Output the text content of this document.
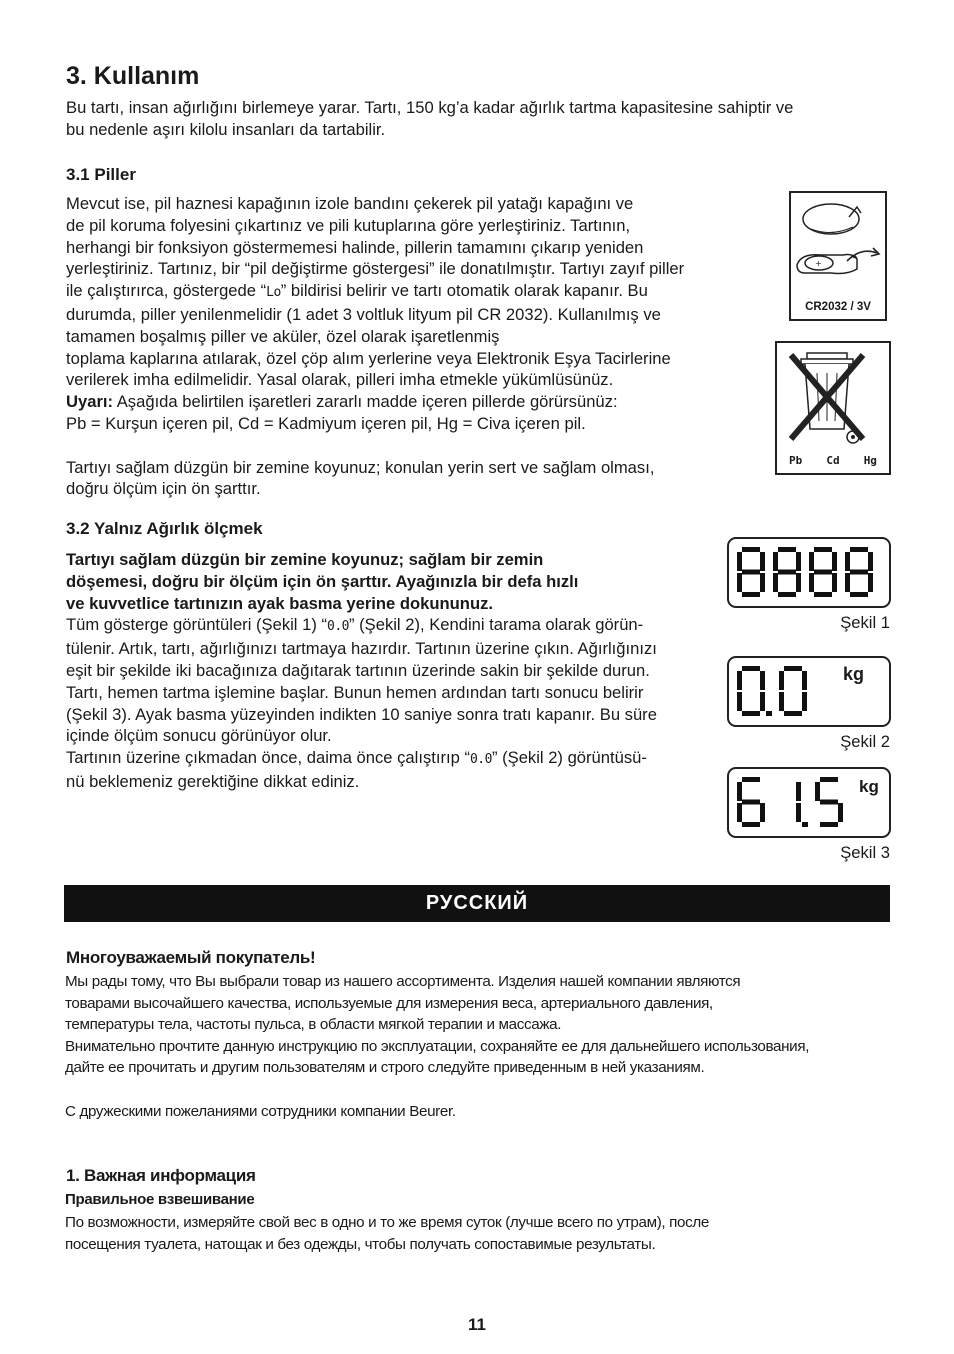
3. Kullanım
Bu tartı, insan ağırlığını birlemeye yarar. Tartı, 150 kg’a kadar ağırlık tartma kapasitesine sahiptir ve
bu nedenle aşırı kilolu insanları da tartabilir.
3.1 Piller
Mevcut ise, pil haznesi kapağının izole bandını çekerek pil yatağı kapağını ve
de pil koruma folyesini çıkartınız ve pili kutuplarına göre yerleştiriniz. Tartının,
herhangi bir fonksiyon göstermemesi halinde, pillerin tamamını çıkarıp yeniden
yerleştiriniz. Tartınız, bir “pil değiştirme göstergesi” ile donatılmıştır. Tartıyı zayıf piller
ile çalıştırırca, göstergede “Lo” bildirisi belirir ve tartı otomatik olarak kapanır. Bu
durumda, piller yenilenmelidir (1 adet 3 voltluk lityum pil CR 2032). Kullanılmış ve
tamamen boşalmış piller ve aküler, özel olarak işaretlenmiş
toplama kaplarına atılarak, özel çöp alım yerlerine veya Elektronik Eşya Tacirlerine
verilerek imha edilmelidir. Yasal olarak, pilleri imha etmekle yükümlüsünüz.
Uyarı: Aşağıda belirtilen işaretleri zararlı madde içeren pillerde görürsünüz:
Pb = Kurşun içeren pil, Cd = Kadmiyum içeren pil, Hg = Civa içeren pil.
Tartıyı sağlam düzgün bir zemine koyunuz; konulan yerin sert ve sağlam olması,
doğru ölçüm için ön şarttır.
+
CR2032 / 3V
Pb Cd Hg
3.2 Yalnız Ağırlık ölçmek
Tartıyı sağlam düzgün bir zemine koyunuz; sağlam bir zemin
döşemesi, doğru bir ölçüm için ön şarttır. Ayağınızla bir defa hızlı
ve kuvvetlice tartınızın ayak basma yerine dokununuz.
Tüm gösterge görüntüleri (Şekil 1) “0.0” (Şekil 2), Kendini tarama olarak görün-
tülenir. Artık, tartı, ağırlığınızı tartmaya hazırdır. Tartının üzerine çıkın. Ağırlığınızı
eşit bir şekilde iki bacağınıza dağıtarak tartının üzerinde sakin bir şekilde durun.
Tartı, hemen tartma işlemine başlar. Bunun hemen ardından tartı sonucu belirir
(Şekil 3). Ayak basma yüzeyinden indikten 10 saniye sonra tratı kapanır. Bu süre
içinde ölçüm sonucu görünüyor olur.
Tartının üzerine çıkmadan önce, daima önce çalıştırıp “0.0” (Şekil 2) görüntüsü-
nü beklemeniz gerektiğine dikkat ediniz.
Şekil 1
kg
Şekil 2
kg
Şekil 3
РУССКИЙ
Многоуважаемый покупатель!
Мы рады тому, что Вы выбрали товар из нашего ассортимента. Изделия нашей компании являются
товарами высочайшего качества, используемые для измерения веса, артериального давления,
температуры тела, частоты пульса, в области мягкой терапии и массажа.
Внимательно прочтите данную инструкцию по эксплуатации, сохраняйте ее для дальнейшего использования,
дайте ее прочитать и другим пользователям и строго следуйте приведенным в ней указаниям.
С дружескими пожеланиями сотрудники компании Beurer.
1. Важная информация
Правильное взвешивание
По возможности, измеряйте свой вес в одно и то же время суток (лучше всего по утрам), после
посещения туалета, натощак и без одежды, чтобы получать сопоставимые результаты.
11
